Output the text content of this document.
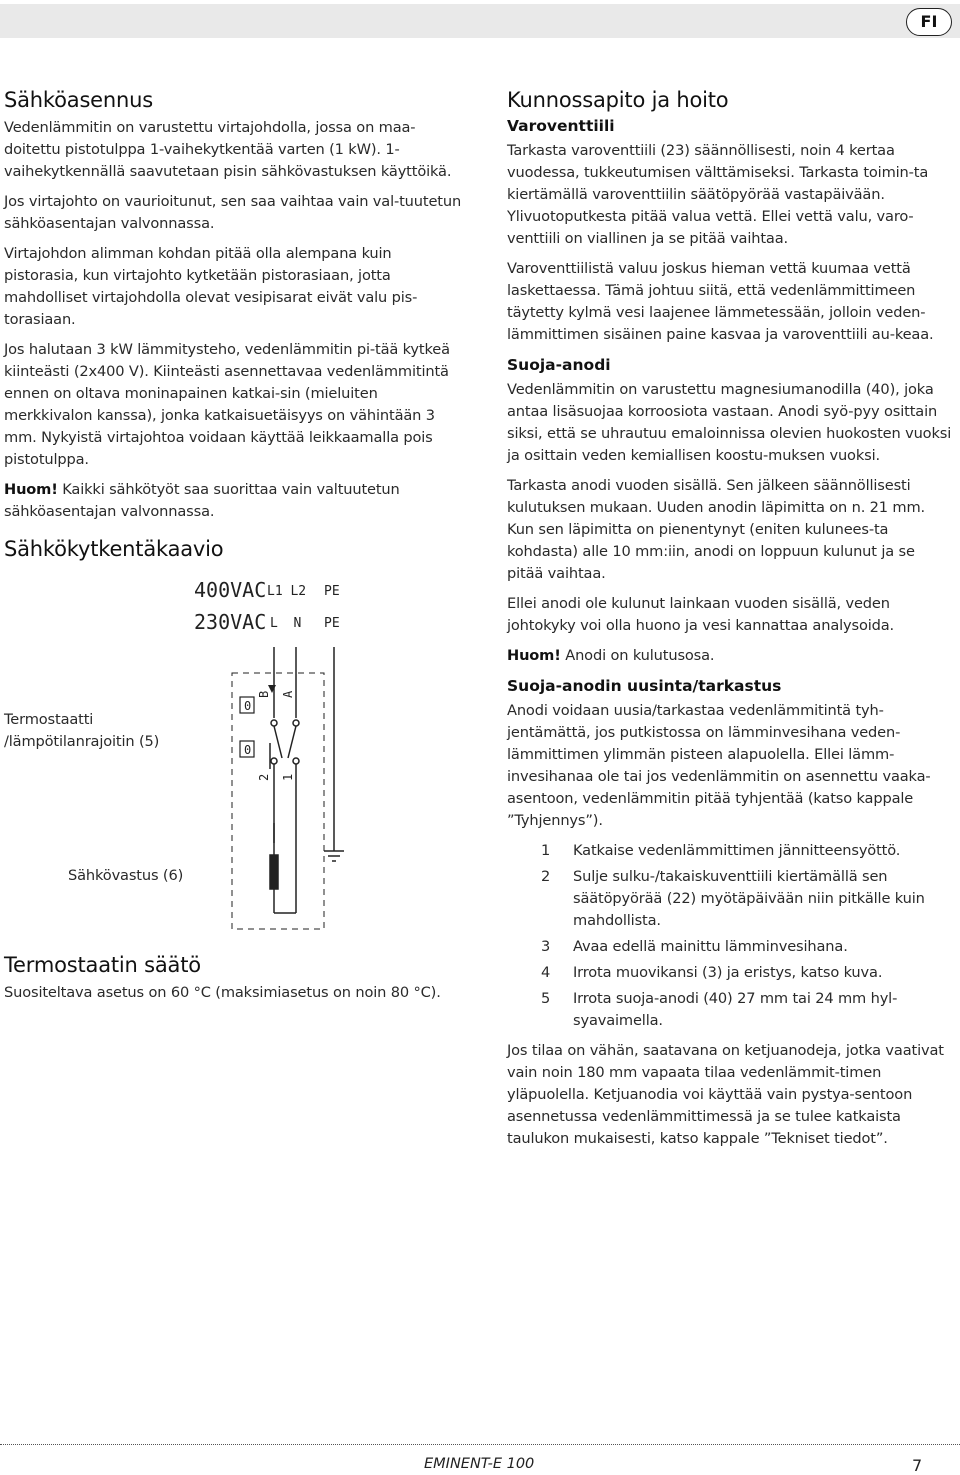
FI
Sähköasennus

Vedenlämmitin on varustettu virtajohdolla, jossa on maa-doitettu pistotulppa 1-vaihekytkentää varten (1 kW). 1-vaihekytkennällä saavutetaan pisin sähkövastuksen käyttöikä.

Jos virtajohto on vaurioitunut, sen saa vaihtaa vain val-tuutetun sähköasentajan valvonnassa.

Virtajohdon alimman kohdan pitää olla alempana kuin pistorasia, kun virtajohto kytketään pistorasiaan, jotta mahdolliset virtajohdolla olevat vesipisarat eivät valu pis-torasiaan.

Jos halutaan 3 kW lämmitysteho, vedenlämmitin pi-tää kytkeä kiinteästi (2x400 V). Kiinteästi asennettavaa vedenlämmitintä ennen on oltava moninapainen katkai-sin (mieluiten merkkivalon kanssa), jonka katkaisuetäisyys on vähintään 3 mm. Nykyistä virtajohtoa voidaan käyttää leikkaamalla pois pistotulppa.

Huom! Kaikki sähkötyöt saa suorittaa vain valtuutetun sähköasentajan valvonnassa.

Sähkökytkentäkaavio
400VAC
230VAC
L1 L2
L  N
PE
PE
0
0
B A
2 1
Termostaatti
/lämpötilanrajoitin (5)
Sähkövastus (6)
Termostaatin säätö

Suositeltava asetus on 60 °C (maksimiasetus on noin 80 °C).

Kunnossapito ja hoito
Varoventtiili

Tarkasta varoventtiili (23) säännöllisesti, noin 4 kertaa vuodessa, tukkeutumisen välttämiseksi. Tarkasta toimin-ta kiertämällä varoventtiilin säätöpyörää vastapäivään. Ylivuotoputkesta pitää valua vettä. Ellei vettä valu, varo-venttiili on viallinen ja se pitää vaihtaa.

Varoventtiilistä valuu joskus hieman vettä kuumaa vettä laskettaessa. Tämä johtuu siitä, että vedenlämmittimeen täytetty kylmä vesi laajenee lämmetessään, jolloin veden-lämmittimen sisäinen paine kasvaa ja varoventtiili au-keaa.

Suoja-anodi

Vedenlämmitin on varustettu magnesiumanodilla (40), joka antaa lisäsuojaa korroosiota vastaan. Anodi syö-pyy osittain siksi, että se uhrautuu emaloinnissa olevien huokosten vuoksi ja osittain veden kemiallisen koostu-muksen vuoksi.

Tarkasta anodi vuoden sisällä. Sen jälkeen säännöllisesti kulutuksen mukaan. Uuden anodin läpimitta on n. 21 mm. Kun sen läpimitta on pienentynyt (eniten kulunees-ta kohdasta) alle 10 mm:iin, anodi on loppuun kulunut ja se pitää vaihtaa.

Ellei anodi ole kulunut lainkaan vuoden sisällä, veden johtokyky voi olla huono ja vesi kannattaa analysoida.

Huom! Anodi on kulutusosa.

Suoja-anodin uusinta/tarkastus

Anodi voidaan uusia/tarkastaa vedenlämmitintä tyh-jentämättä, jos putkistossa on lämminvesihana veden-lämmittimen ylimmän pisteen alapuolella. Ellei lämm-invesihanaa ole tai jos vedenlämmitin on asennettu vaaka-asentoon, vedenlämmitin pitää tyhjentää (katso kappale ”Tyhjennys”).

1 Katkaise vedenlämmittimen jännitteensyöttö.
2 Sulje sulku-/takaiskuventtiili kiertämällä sen säätöpyörää (22) myötäpäivään niin pitkälle kuin mahdollista.
3 Avaa edellä mainittu lämminvesihana.
4 Irrota muovikansi (3) ja eristys, katso kuva.
5 Irrota suoja-anodi (40) 27 mm tai 24 mm hyl-syavaimella.

Jos tilaa on vähän, saatavana on ketjuanodeja, jotka vaativat vain noin 180 mm vapaata tilaa vedenlämmit-timen yläpuolella. Ketjuanodia voi käyttää vain pystya-sentoon asennetussa vedenlämmittimessä ja se tulee katkaista taulukon mukaisesti, katso kappale ”Tekniset tiedot”.

EMINENT-E 100	7
